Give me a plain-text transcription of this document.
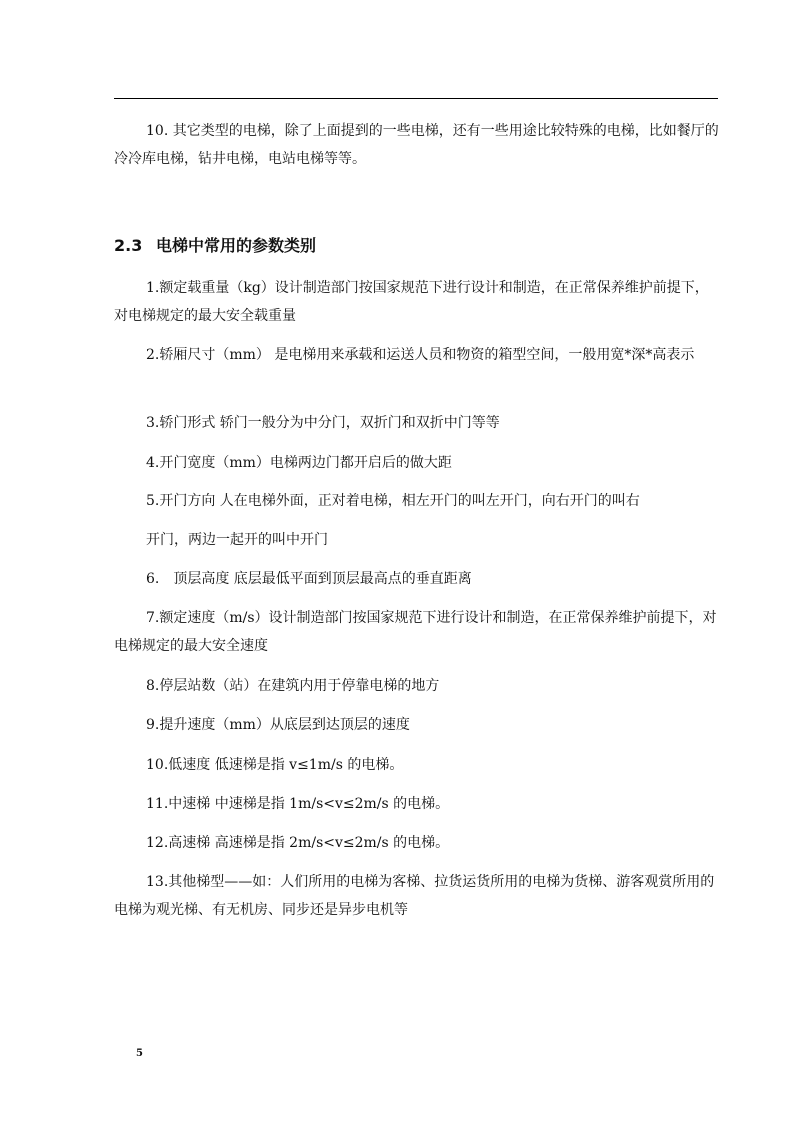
10. 其它类型的电梯，除了上面提到的一些电梯，还有一些用途比较特殊的电梯，比如餐厅的冷冷库电梯，钻井电梯，电站电梯等等。

2.3 电梯中常用的参数类别

1.额定载重量（kg）设计制造部门按国家规范下进行设计和制造，在正常保养维护前提下，对电梯规定的最大安全载重量

2.轿厢尺寸（mm） 是电梯用来承载和运送人员和物资的箱型空间，一般用宽*深*高表示

3.轿门形式 轿门一般分为中分门，双折门和双折中门等等

4.开门宽度（mm）电梯两边门都开启后的做大距

5.开门方向 人在电梯外面，正对着电梯，相左开门的叫左开门，向右开门的叫右

开门，两边一起开的叫中开门

6.　顶层高度 底层最低平面到顶层最高点的垂直距离

7.额定速度（m/s）设计制造部门按国家规范下进行设计和制造，在正常保养维护前提下，对电梯规定的最大安全速度

8.停层站数（站）在建筑内用于停靠电梯的地方

9.提升速度（mm）从底层到达顶层的速度

10.低速度 低速梯是指 v≤1m/s 的电梯。

11.中速梯 中速梯是指 1m/s<v≤2m/s 的电梯。

12.高速梯 高速梯是指 2m/s<v≤2m/s 的电梯。

13.其他梯型——如：人们所用的电梯为客梯、拉货运货所用的电梯为货梯、游客观赏所用的电梯为观光梯、有无机房、同步还是异步电机等

5
